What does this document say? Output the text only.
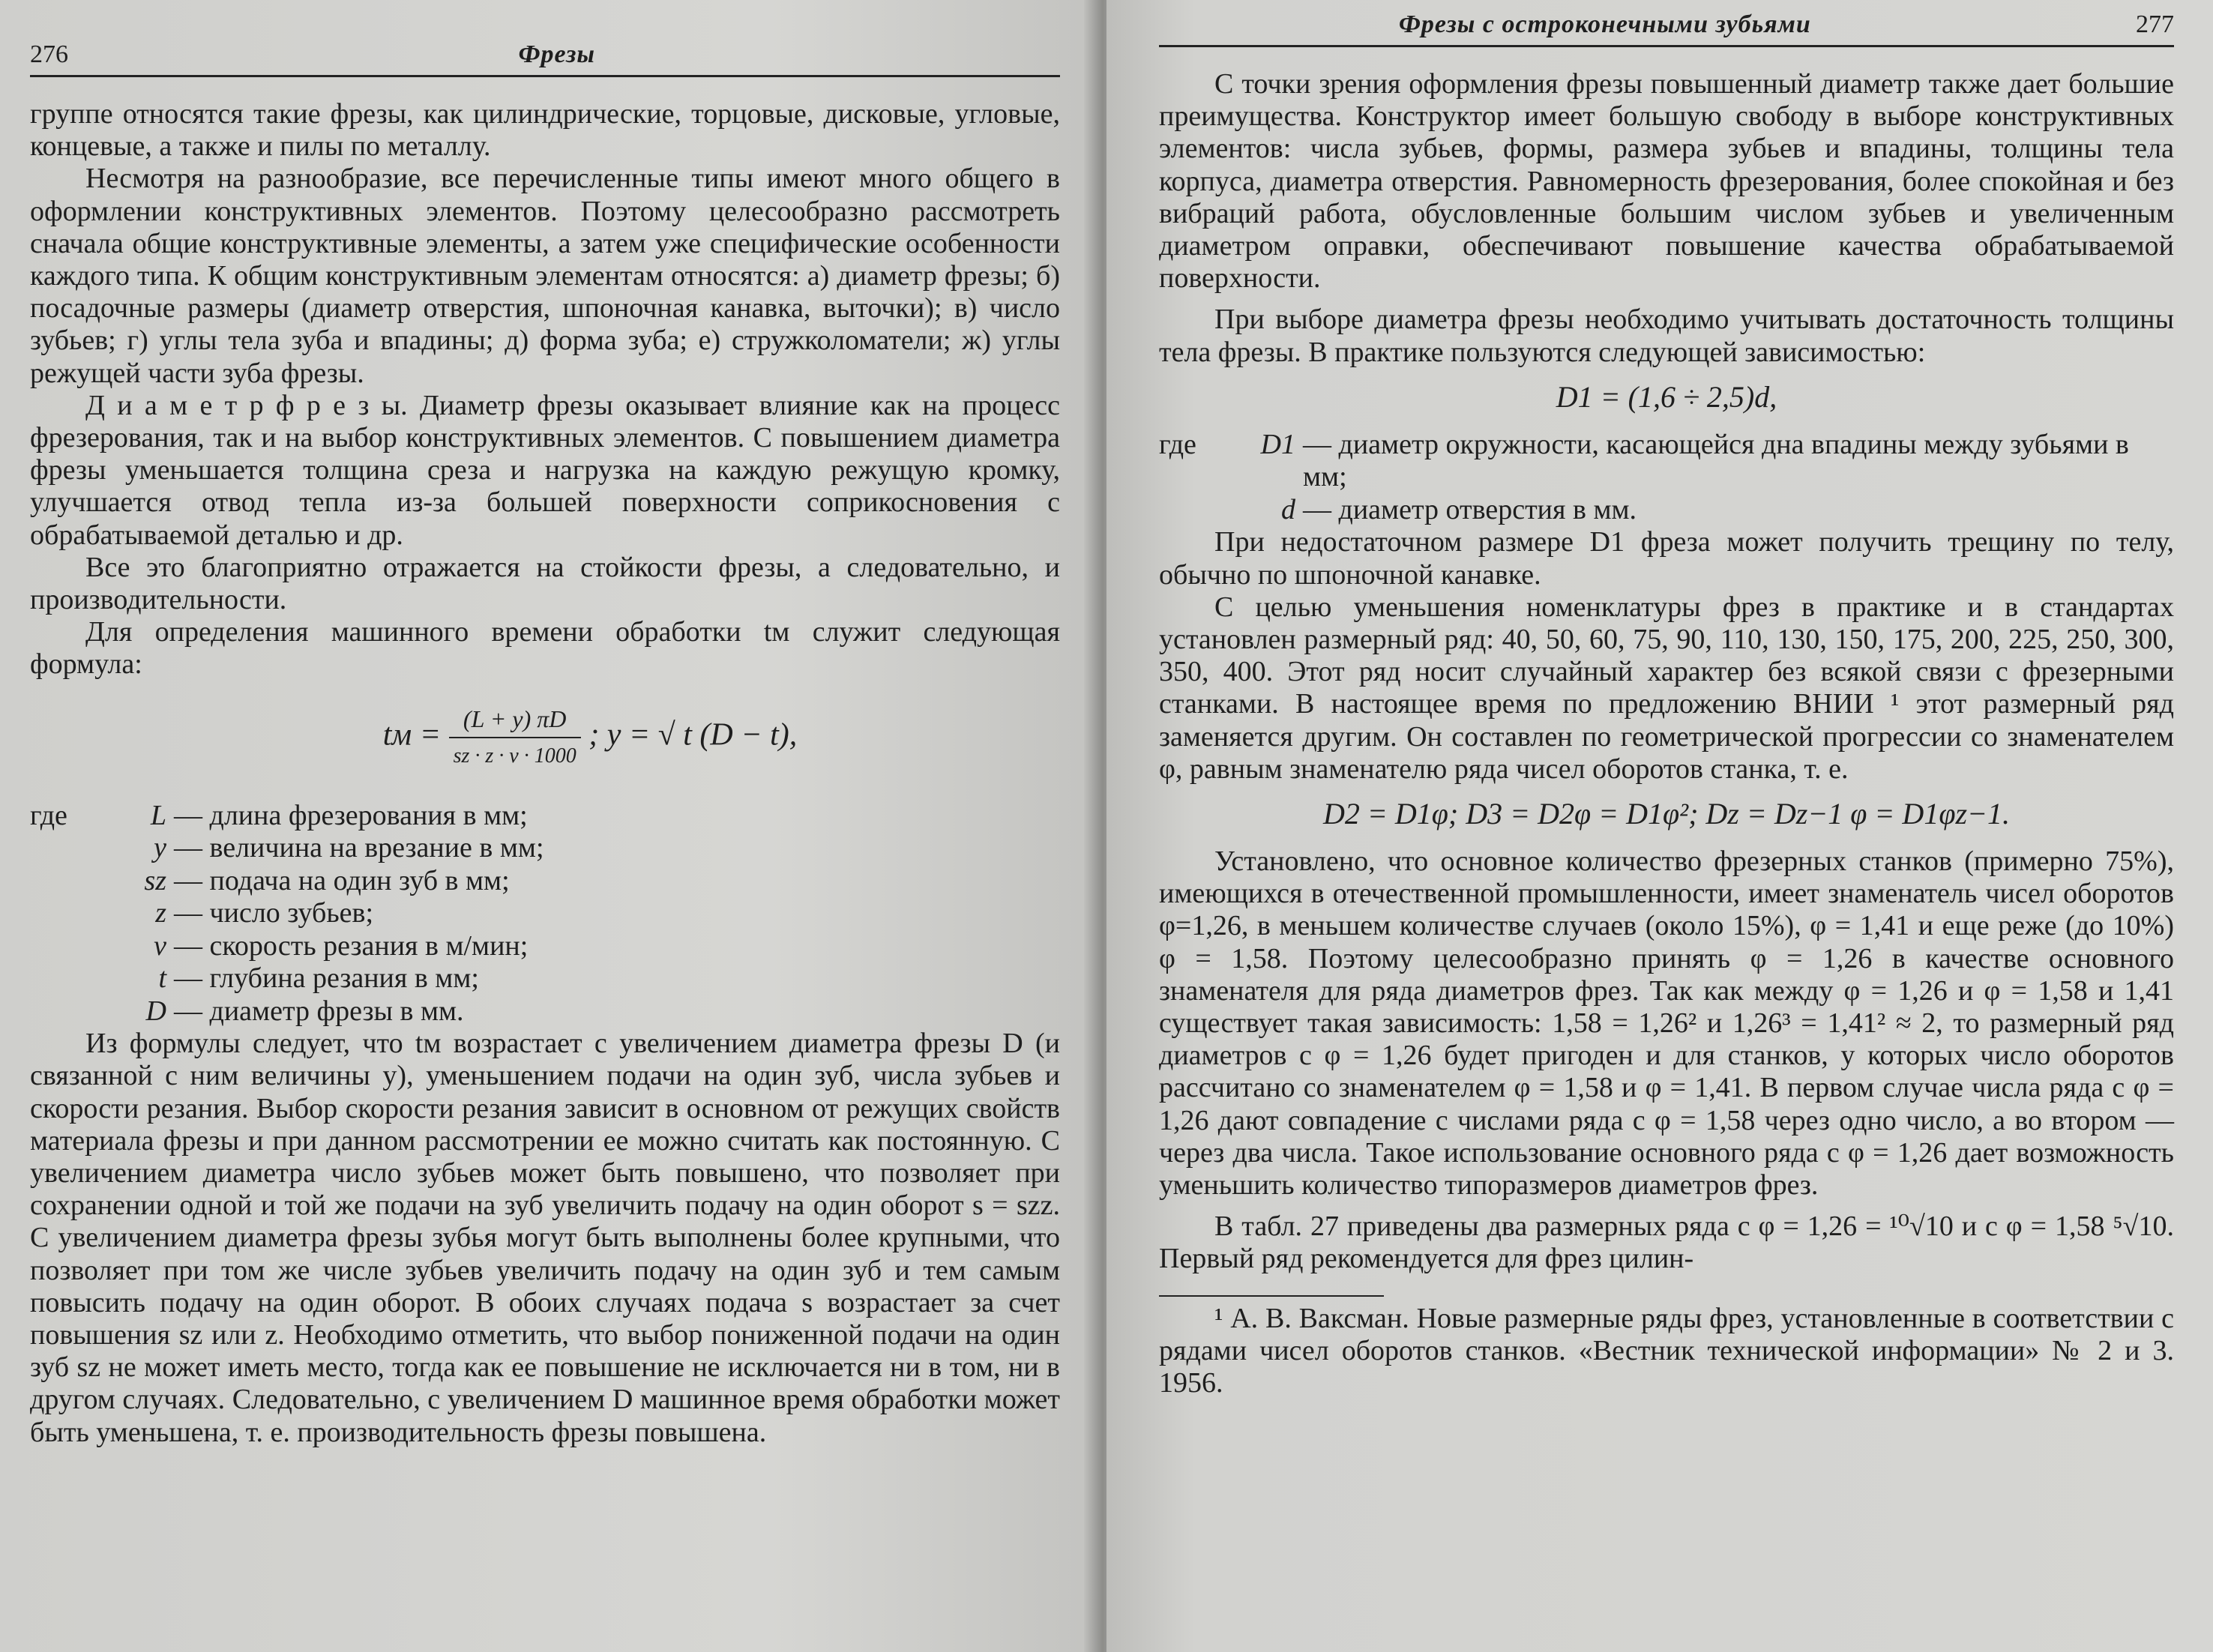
276	Фрезы

группе относятся такие фрезы, как цилиндрические, торцовые, дисковые, угловые, концевые, а также и пилы по металлу.

Несмотря на разнообразие, все перечисленные типы имеют много общего в оформлении конструктивных элементов. Поэтому целесообразно рассмотреть сначала общие конструктивные элементы, а затем уже специфические особенности каждого типа. К общим конструктивным элементам относятся: а) диаметр фрезы; б) посадочные размеры (диаметр отверстия, шпоночная канавка, выточки); в) число зубьев; г) углы тела зуба и впадины; д) форма зуба; е) стружколоматели; ж) углы режущей части зуба фрезы.

Д и а м е т р ф р е з ы. Диаметр фрезы оказывает влияние как на процесс фрезерования, так и на выбор конструктивных элементов. С повышением диаметра фрезы уменьшается толщина среза и нагрузка на каждую режущую кромку, улучшается отвод тепла из-за большей поверхности соприкосновения с обрабатываемой деталью и др.

Все это благоприятно отражается на стойкости фрезы, а следовательно, и производительности.

Для определения машинного времени обработки tм служит следующая формула:

tм = $\frac{(L + y) \pi D}{sz \cdot z \cdot v \cdot 1000}$ ; y = √ t (D − t),
где	L — длина фрезерования в мм;
y — величина на врезание в мм;
sz — подача на один зуб в мм;
z — число зубьев;
v — скорость резания в м/мин;
t — глубина резания в мм;
D — диаметр фрезы в мм.

Из формулы следует, что tм возрастает с увеличением диаметра фрезы D (и связанной с ним величины y), уменьшением подачи на один зуб, числа зубьев и скорости резания. Выбор скорости резания зависит в основном от режущих свойств материала фрезы и при данном рассмотрении ее можно считать как постоянную. С увеличением диаметра число зубьев может быть повышено, что позволяет при сохранении одной и той же подачи на зуб увеличить подачу на один оборот s = szz. С увеличением диаметра фрезы зубья могут быть выполнены более крупными, что позволяет при том же числе зубьев увеличить подачу на один зуб и тем самым повысить подачу на один оборот. В обоих случаях подача s возрастает за счет повышения sz или z. Необходимо отметить, что выбор пониженной подачи на один зуб sz не может иметь место, тогда как ее повышение не исключается ни в том, ни в другом случаях. Следовательно, с увеличением D машинное время обработки может быть уменьшена, т. е. производительность фрезы повышена.

Фрезы с остроконечными зубьями	277

С точки зрения оформления фрезы повышенный диаметр также дает большие преимущества. Конструктор имеет большую свободу в выборе конструктивных элементов: числа зубьев, формы, размера зубьев и впадины, толщины тела корпуса, диаметра отверстия. Равномерность фрезерования, более спокойная и без вибраций работа, обусловленные большим числом зубьев и увеличенным диаметром оправки, обеспечивают повышение качества обрабатываемой поверхности.

При выборе диаметра фрезы необходимо учитывать достаточность толщины тела фрезы. В практике пользуются следующей зависимостью:

D1 = (1,6 ÷ 2,5)d,
где	D1 — диаметр окружности, касающейся дна впадины между зубьями в мм;
d — диаметр отверстия в мм.

При недостаточном размере D1 фреза может получить трещину по телу, обычно по шпоночной канавке.

С целью уменьшения номенклатуры фрез в практике и в стандартах установлен размерный ряд: 40, 50, 60, 75, 90, 110, 130, 150, 175, 200, 225, 250, 300, 350, 400. Этот ряд носит случайный характер без всякой связи с фрезерными станками. В настоящее время по предложению ВНИИ ¹ этот размерный ряд заменяется другим. Он составлен по геометрической прогрессии со знаменателем φ, равным знаменателю ряда чисел оборотов станка, т. е.

D2 = D1φ; D3 = D2φ = D1φ²; Dz = Dz−1 φ = D1φz−1.

Установлено, что основное количество фрезерных станков (примерно 75%), имеющихся в отечественной промышленности, имеет знаменатель чисел оборотов φ=1,26, в меньшем количестве случаев (около 15%), φ = 1,41 и еще реже (до 10%) φ = 1,58. Поэтому целесообразно принять φ = 1,26 в качестве основного знаменателя для ряда диаметров фрез. Так как между φ = 1,26 и φ = 1,58 и 1,41 существует такая зависимость: 1,58 = 1,26² и 1,26³ = 1,41² ≈ 2, то размерный ряд диаметров с φ = 1,26 будет пригоден и для станков, у которых число оборотов рассчитано со знаменателем φ = 1,58 и φ = 1,41. В первом случае числа ряда с φ = 1,26 дают совпадение с числами ряда с φ = 1,58 через одно число, а во втором — через два числа. Такое использование основного ряда с φ = 1,26 дает возможность уменьшить количество типоразмеров диаметров фрез.

В табл. 27 приведены два размерных ряда с φ = 1,26 = ¹⁰√10 и с φ = 1,58 ⁵√10. Первый ряд рекомендуется для фрез цилин-

¹ А. В. Ваксман. Новые размерные ряды фрез, установленные в соответствии с рядами чисел оборотов станков. «Вестник технической информации» № 2 и 3. 1956.
